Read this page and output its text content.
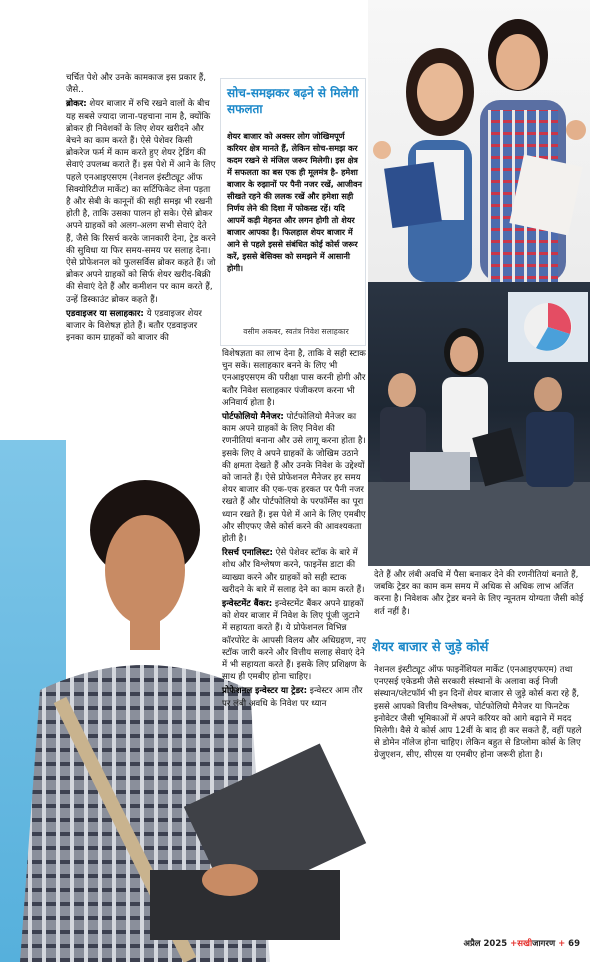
चर्चित पेशे और उनके कामकाज इस प्रकार हैं, जैसे..

ब्रोकर: शेयर बाजार में रुचि रखने वालों के बीच यह सबसे ज्यादा जाना-पहचाना नाम है, क्योंकि ब्रोकर ही निवेशकों के लिए शेयर खरीदने और बेचने का काम करते हैं। ऐसे पेशेवर किसी ब्रोकरेज फर्म में काम करते हुए शेयर ट्रेडिंग की सेवाएं उपलब्ध कराते हैं। इस पेशे में आने के लिए पहले एनआइएसएम (नेशनल इंस्टीट्यूट ऑफ सिक्योरिटीज मार्केट) का सर्टिफिकेट लेना पड़ता है और सेबी के कानूनों की सही समझ भी रखनी होती है, ताकि उसका पालन हो सके। ऐसे ब्रोकर अपने ग्राहकों को अलग-अलग सभी सेवाएं देते हैं, जैसे कि रिसर्च करके जानकारी देना, ट्रेड करने की सुविधा या फिर समय-समय पर सलाह देना। ऐसे प्रोफेशनल को फुलसर्विस ब्रोकर कहते हैं। जो ब्रोकर अपने ग्राहकों को सिर्फ शेयर खरीद-बिक्री की सेवाएं देते हैं और कमीशन पर काम करते हैं, उन्हें डिस्काउंट ब्रोकर कहते हैं।

एडवाइजर या सलाहकार: ये एडवाइजर शेयर बाजार के विशेषज्ञ होते हैं। बतौर एडवाइजर इनका काम ग्राहकों को बाजार की

सोच-समझकर बढ़ने से मिलेगी सफलता
शेयर बाजार को अक्सर लोग जोखिमपूर्ण करियर क्षेत्र मानते हैं, लेकिन सोच-समझ कर कदम रखने से मंजिल जरूर मिलेगी। इस क्षेत्र में सफलता का बस एक ही मूलमंत्र है- हमेशा बाजार के रुझानों पर पैनी नजर रखें, आजीवन सीखते रहने की ललक रखें और हमेशा सही निर्णय लेने की दिशा में फोकस्ड रहें। यदि आपमें कड़ी मेहनत और लगन होगी तो शेयर बाजार आपका है। फिलहाल शेयर बाजार में आने से पहले इससे संबंधित कोई कोर्स जरूर करें, इससे बेसिक्स को समझने में आसानी होगी।
वसीम अकबर, स्वतंत्र निवेश सलाहकार

विशेषज्ञता का लाभ देना है, ताकि वे सही स्टाक चुन सकें। सलाहकार बनने के लिए भी एनआइएसएम की परीक्षा पास करनी होगी और बतौर निवेश सलाहकार पंजीकरण करना भी अनिवार्य होता है।

पोर्टफोलियो मैनेजर: पोर्टफोलियो मैनेजर का काम अपने ग्राहकों के लिए निवेश की रणनीतियां बनाना और उसे लागू करना होता है। इसके लिए वे अपने ग्राहकों के जोखिम उठाने की क्षमता देखते हैं और उनके निवेश के उद्देश्यों को जानते हैं। ऐसे प्रोफेशनल मैनेजर हर समय शेयर बाजार की एक-एक हरकत पर पैनी नजर रखते हैं और पोर्टफोलियो के परफॉर्मेंस का पूरा ध्यान रखते हैं। इस पेशे में आने के लिए एमबीए और सीएफए जैसे कोर्स करने की आवश्यकता होती है।

रिसर्च एनालिस्ट: ऐसे पेशेवर स्टॉक के बारे में शोध और विश्लेषण करने, फाइनेंस डाटा की व्याख्या करने और ग्राहकों को सही स्टाक खरीदने के बारे में सलाह देने का काम करते हैं।

इन्वेस्टमेंट बैंकर: इन्वेस्टमेंट बैंकर अपने ग्राहकों को शेयर बाजार में निवेश के लिए पूंजी जुटाने में सहायता करते हैं। ये प्रोफेशनल विभिन्न कॉरपोरेट के आपसी विलय और अधिग्रहण, नए स्टॉक जारी करने और वित्तीय सलाह सेवाएं देने में भी सहायता करते हैं। इसके लिए प्रशिक्षण के साथ ही एमबीए होना चाहिए।

प्रोफेशनल इन्वेस्टर या ट्रेडर: इन्वेस्टर आम तौर पर लंबी अवधि के निवेश पर ध्यान

देते हैं और लंबी अवधि में पैसा बनाकर देने की रणनीतियां बनाते हैं, जबकि ट्रेडर का काम कम समय में अधिक से अधिक लाभ अर्जित करना है। निवेशक और ट्रेडर बनने के लिए न्यूनतम योग्यता जैसी कोई शर्त नहीं है।

शेयर बाजार से जुड़े कोर्स

नेशनल इंस्टीट्यूट ऑफ फाइनेंशियल मार्केट (एनआइएफएम) तथा एनएसई एकेडमी जैसे सरकारी संस्थानों के अलावा कई निजी संस्थान/प्लेटफॉर्म भी इन दिनों शेयर बाजार से जुड़े कोर्स करा रहे हैं, इससे आपको वित्तीय विश्लेषक, पोर्टफोलियो मैनेजर या फिनटेक इनोवेटर जैसी भूमिकाओं में अपने करियर को आगे बढ़ाने में मदद मिलेगी। वैसे ये कोर्स आप 12वीं के बाद ही कर सकते हैं, वहीं पहले से डोमेन नॉलेज होना चाहिए। लेकिन बहुत से डिप्लोमा कोर्स के लिए ग्रेजुएशन, सीए, सीएस या एमबीए होना जरूरी होता है।

अप्रैल 2025 +सखीजागरण + 69
